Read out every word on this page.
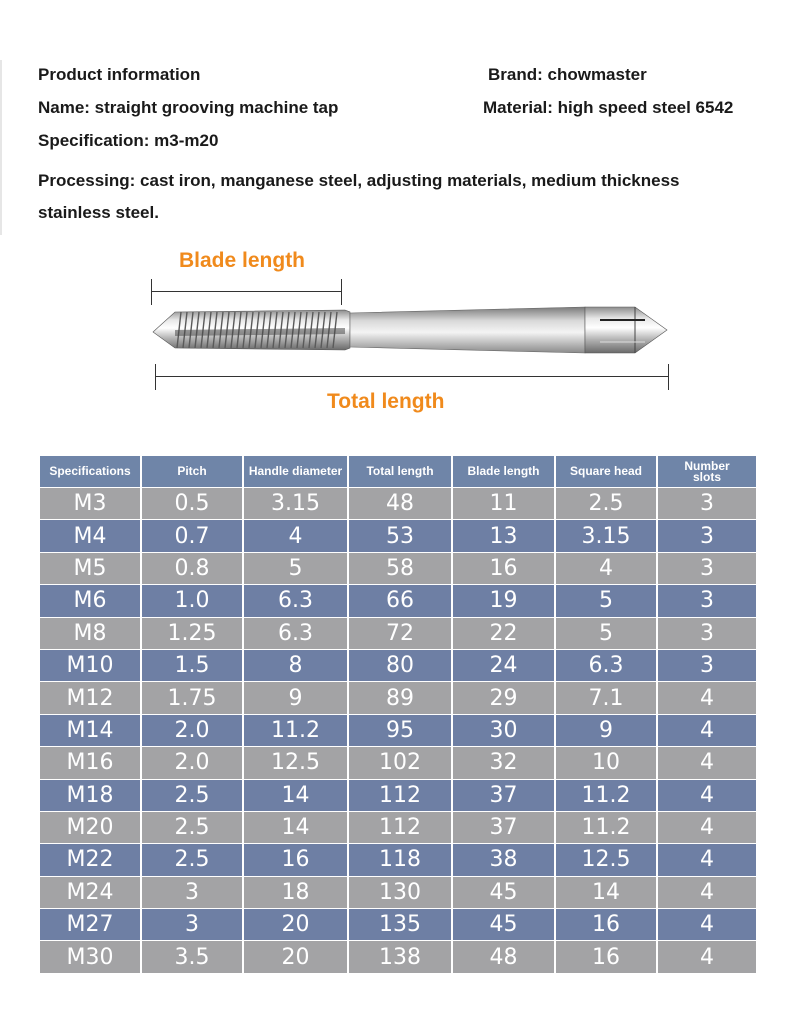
Product information	Brand: chowmaster
Name: straight grooving machine tap	Material: high speed steel 6542
Specification: m3-m20
Processing: cast iron, manganese steel, adjusting materials, medium thickness
stainless steel.
Blade length
Total length
Specifications	Pitch	Handle diameter	Total length	Blade length	Square head	Number slots
M3	0.5	3.15	48	11	2.5	3
M4	0.7	4	53	13	3.15	3
M5	0.8	5	58	16	4	3
M6	1.0	6.3	66	19	5	3
M8	1.25	6.3	72	22	5	3
M10	1.5	8	80	24	6.3	3
M12	1.75	9	89	29	7.1	4
M14	2.0	11.2	95	30	9	4
M16	2.0	12.5	102	32	10	4
M18	2.5	14	112	37	11.2	4
M20	2.5	14	112	37	11.2	4
M22	2.5	16	118	38	12.5	4
M24	3	18	130	45	14	4
M27	3	20	135	45	16	4
M30	3.5	20	138	48	16	4
